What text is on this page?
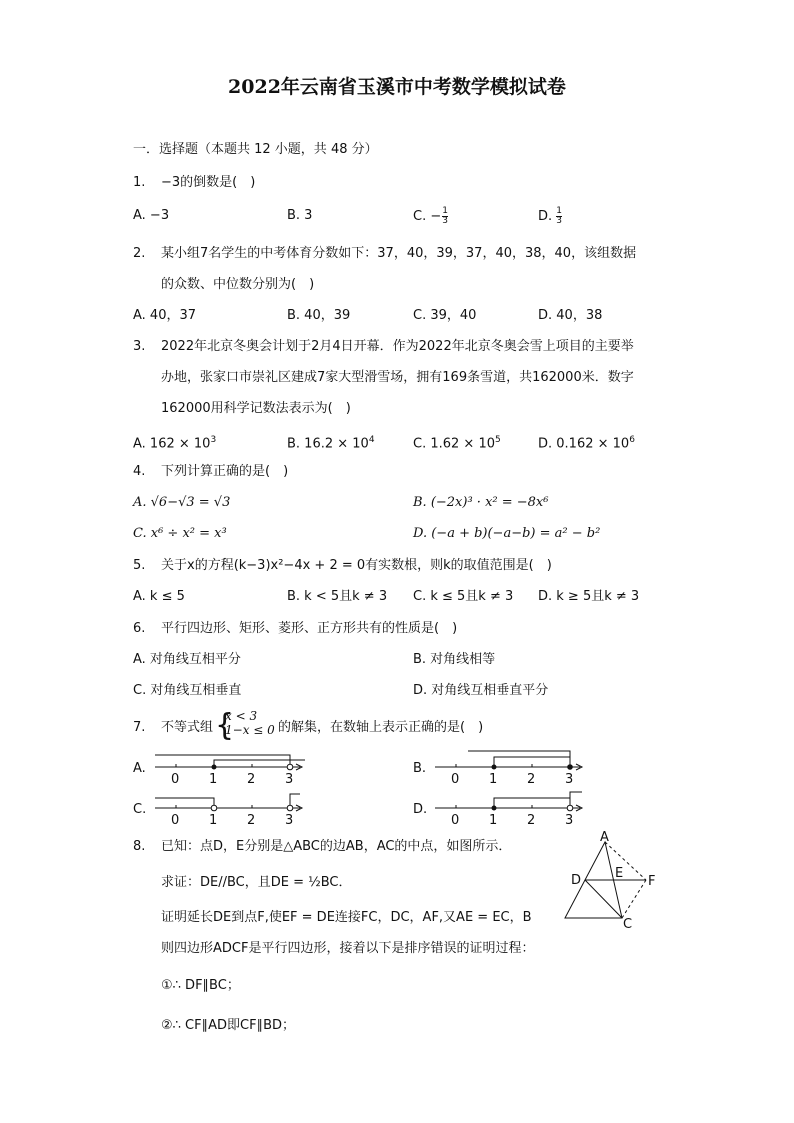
2022年云南省玉溪市中考数学模拟试卷
一．选择题（本题共 12 小题，共 48 分）
1. −3的倒数是(　)
A. −3	B. 3	C. − $\frac{1}{3}$	D. $\frac{1}{3}$
2. 某小组7名学生的中考体育分数如下：37，40，39，37，40，38，40，该组数据
的众数、中位数分别为(　)
A. 40，37	B. 40，39	C. 39，40	D. 40，38
3. 2022年北京冬奥会计划于2月4日开幕．作为2022年北京冬奥会雪上项目的主要举
办地，张家口市崇礼区建成7家大型滑雪场，拥有169条雪道，共162000米．数字
162000用科学记数法表示为(　)
A. $162 \times 10^3$	B. $16.2 \times 10^4$	C. $1.62 \times 10^5$	D. $0.162 \times 10^6$
4. 下列计算正确的是(　)
A. √6−√3 = √3	B. (−2x)³ · x² = −8x⁶
C. x⁶ ÷ x² = x³	D. (−a + b)(−a−b) = a² − b²
5. 关于x的方程(k−3)x²−4x + 2 = 0有实数根，则k的取值范围是(　)
A. k ≤ 5	B. k < 5且k ≠ 3 C. k ≤ 5且k ≠ 3 D. k ≥ 5且k ≠ 3
6. 平行四边形、矩形、菱形、正方形共有的性质是(　)
A. 对角线互相平分	B. 对角线相等
C. 对角线互相垂直	D. 对角线互相垂直平分
7. 不等式组 {
x < 3
1−x ≤ 0 的解集，在数轴上表示正确的是(　)
A.	B.
C.	D.
0 1 2 3	0 1 2 3
0 1 2 3	0 1 2 3
8. 已知：点D，E分别是△ABC的边AB，AC的中点，如图所示．
求证：DE//BC，且DE = ½BC．
证明延长DE到点F,使EF = DE连接FC，DC，AF,又AE = EC，B
则四边形ADCF是平行四边形，接着以下是排序错误的证明过程：
①∴ DF∥BC；
②∴ CF∥AD即CF∥BD；
A
D	E
F
C
